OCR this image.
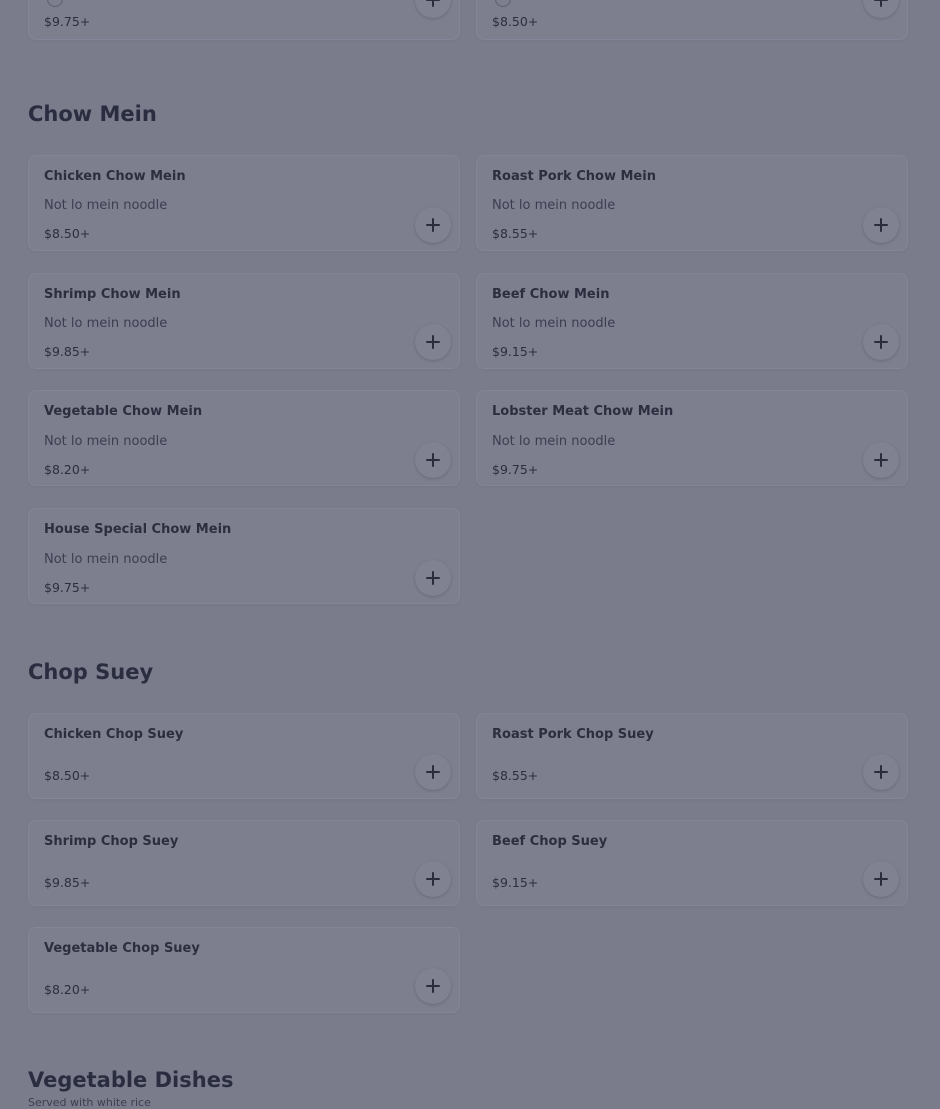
$9.75+	$8.50+
Chow Mein
Chicken Chow Mein
Not lo mein noodle
$8.50+
Roast Pork Chow Mein
Not lo mein noodle
$8.55+
Shrimp Chow Mein
Not lo mein noodle
$9.85+
Beef Chow Mein
Not lo mein noodle
$9.15+
Vegetable Chow Mein
Not lo mein noodle
$8.20+
Lobster Meat Chow Mein
Not lo mein noodle
$9.75+
House Special Chow Mein
Not lo mein noodle
$9.75+
Chop Suey
Chicken Chop Suey
$8.50+
Roast Pork Chop Suey
$8.55+
Shrimp Chop Suey
$9.85+
Beef Chop Suey
$9.15+
Vegetable Chop Suey
$8.20+
Vegetable Dishes
Served with white rice
